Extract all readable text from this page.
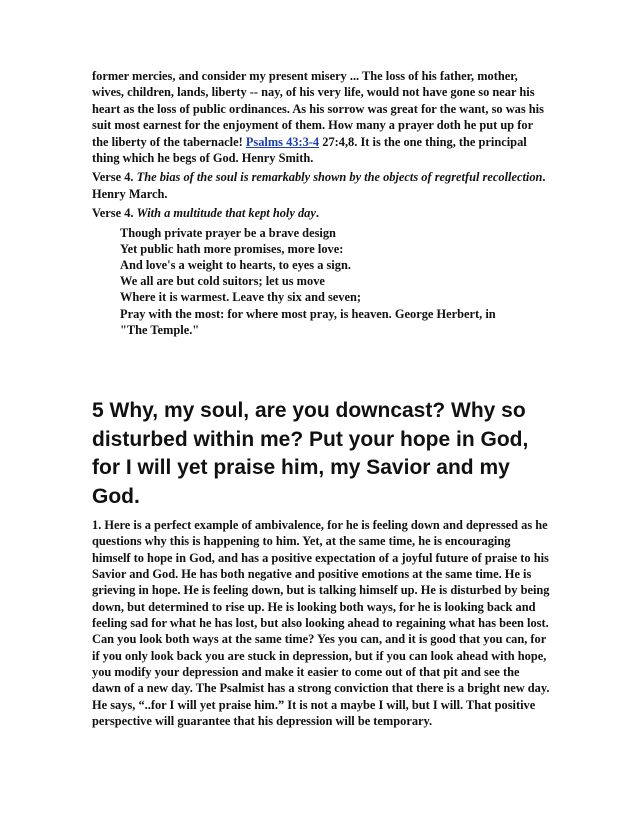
former mercies, and consider my present misery ... The loss of his father, mother, wives, children, lands, liberty -- nay, of his very life, would not have gone so near his heart as the loss of public ordinances. As his sorrow was great for the want, so was his suit most earnest for the enjoyment of them. How many a prayer doth he put up for the liberty of the tabernacle! Psalms 43:3-4 27:4,8. It is the one thing, the principal thing which he begs of God. Henry Smith.

Verse 4. The bias of the soul is remarkably shown by the objects of regretful recollection. Henry March.

Verse 4. With a multitude that kept holy day.

Though private prayer be a brave design

Yet public hath more promises, more love:

And love's a weight to hearts, to eyes a sign.

We all are but cold suitors; let us move

Where it is warmest. Leave thy six and seven;

Pray with the most: for where most pray, is heaven. George Herbert, in

"The Temple."

5 Why, my soul, are you downcast? Why so disturbed within me? Put your hope in God, for I will yet praise him, my Savior and my God.

1. Here is a perfect example of ambivalence, for he is feeling down and depressed as he questions why this is happening to him. Yet, at the same time, he is encouraging himself to hope in God, and has a positive expectation of a joyful future of praise to his Savior and God. He has both negative and positive emotions at the same time. He is grieving in hope. He is feeling down, but is talking himself up. He is disturbed by being down, but determined to rise up. He is looking both ways, for he is looking back and feeling sad for what he has lost, but also looking ahead to regaining what has been lost. Can you look both ways at the same time? Yes you can, and it is good that you can, for if you only look back you are stuck in depression, but if you can look ahead with hope, you modify your depression and make it easier to come out of that pit and see the dawn of a new day. The Psalmist has a strong conviction that there is a bright new day. He says, “..for I will yet praise him.” It is not a maybe I will, but I will. That positive perspective will guarantee that his depression will be temporary.
